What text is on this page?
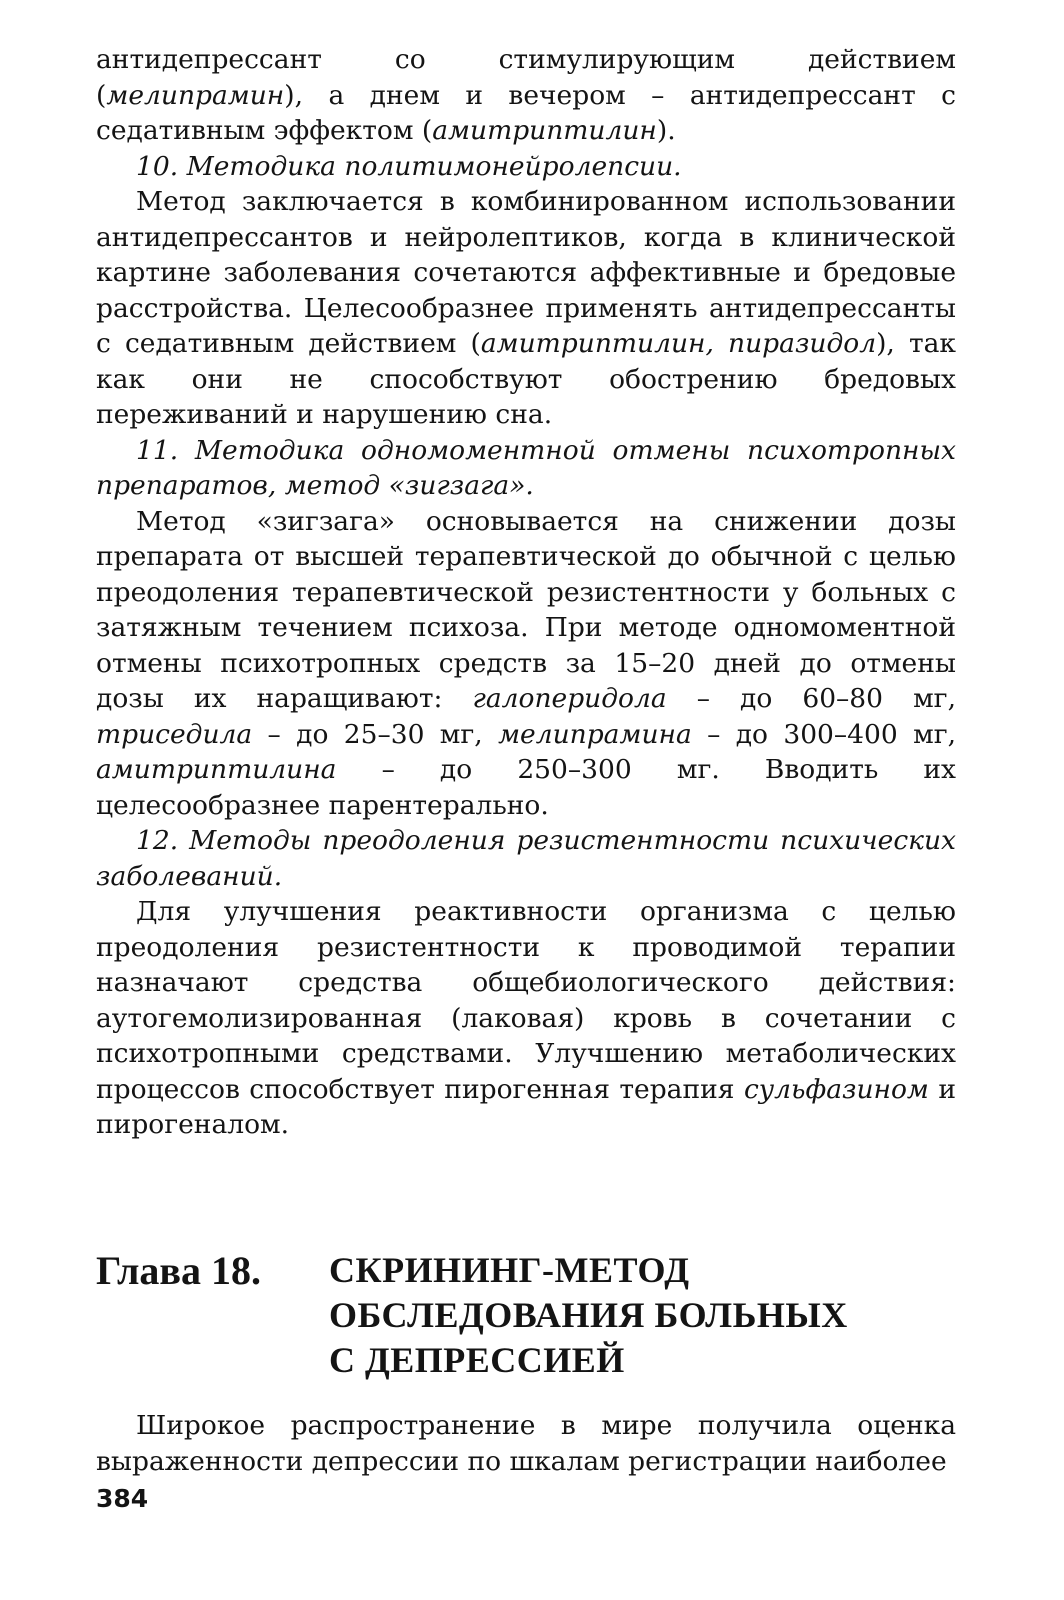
антидепрессант со стимулирующим действием (мелипрамин), а днем и вечером – антидепрессант с седативным эффектом (амитриптилин).

10. Методика политимонейролепсии.

Метод заключается в комбинированном использовании антидепрессантов и нейролептиков, когда в клинической картине заболевания сочетаются аффективные и бредовые расстройства. Целесообразнее применять антидепрессанты с седативным действием (амитриптилин, пиразидол), так как они не способствуют обострению бредовых переживаний и нарушению сна.

11. Методика одномоментной отмены психотропных препаратов, метод «зигзага».

Метод «зигзага» основывается на снижении дозы препарата от высшей терапевтической до обычной с целью преодоления терапевтической резистентности у больных с затяжным течением психоза. При методе одномоментной отмены психотропных средств за 15–20 дней до отмены дозы их наращивают: галоперидола – до 60–80 мг, триседила – до 25–30 мг, мелипрамина – до 300–400 мг, амитриптилина – до 250–300 мг. Вводить их целесообразнее парентерально.

12. Методы преодоления резистентности психических заболеваний.

Для улучшения реактивности организма с целью преодоления резистентности к проводимой терапии назначают средства общебиологического действия: аутогемолизированная (лаковая) кровь в сочетании с психотропными средствами. Улучшению метаболических процессов способствует пирогенная терапия сульфазином и пирогеналом.

Глава 18.	СКРИНИНГ-МЕТОД
ОБСЛЕДОВАНИЯ БОЛЬНЫХ
С ДЕПРЕССИЕЙ

Широкое распространение в мире получила оценка выраженности депрессии по шкалам регистрации наиболее

384
